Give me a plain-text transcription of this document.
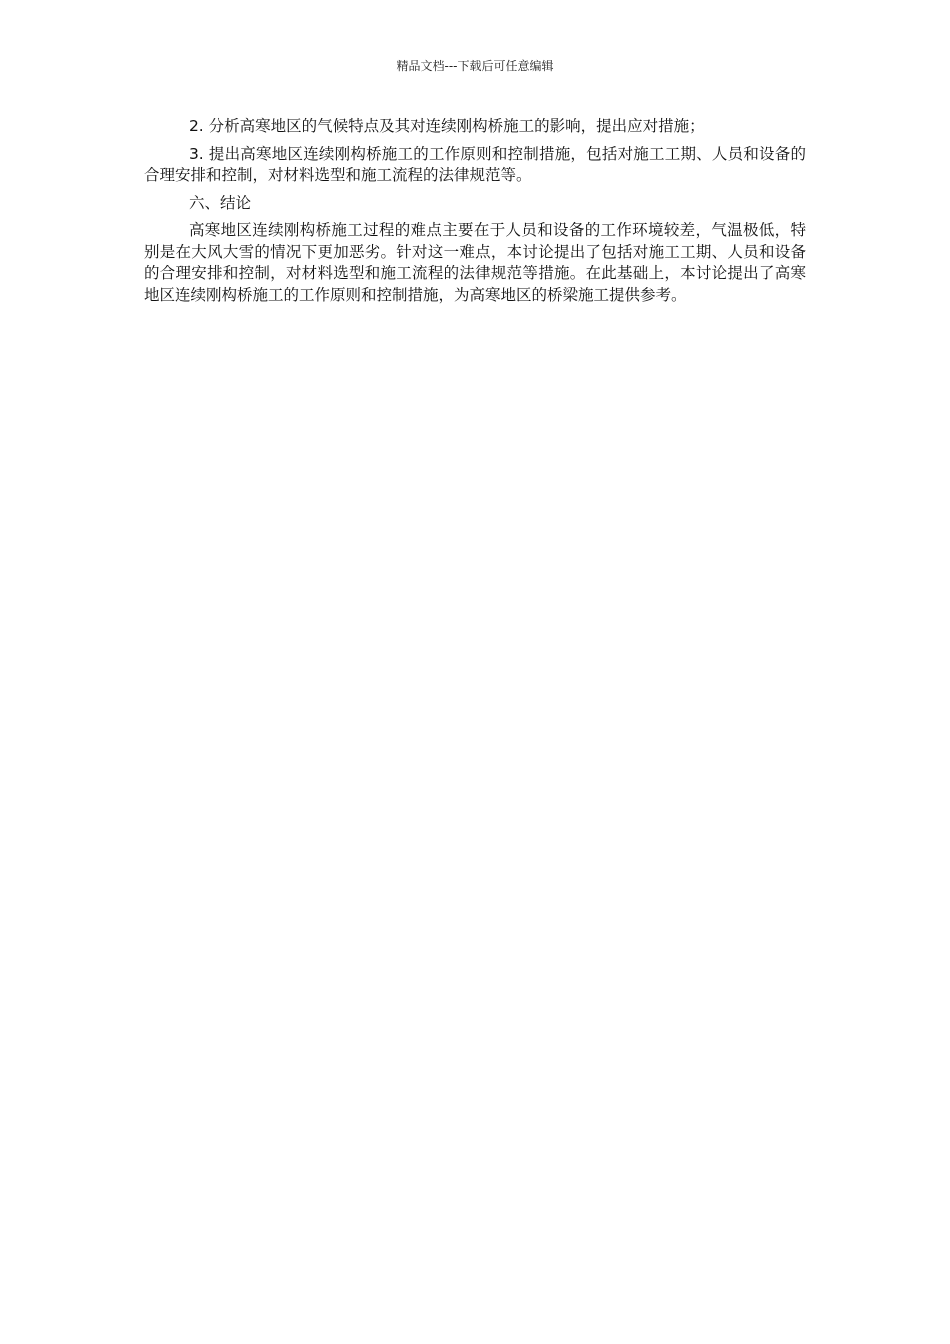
精品文档---下载后可任意编辑

2. 分析高寒地区的气候特点及其对连续刚构桥施工的影响，提出应对措施；

3. 提出高寒地区连续刚构桥施工的工作原则和控制措施，包括对施工工期、人员和设备的合理安排和控制，对材料选型和施工流程的法律规范等。

六、结论

高寒地区连续刚构桥施工过程的难点主要在于人员和设备的工作环境较差，气温极低，特别是在大风大雪的情况下更加恶劣。针对这一难点，本讨论提出了包括对施工工期、人员和设备的合理安排和控制，对材料选型和施工流程的法律规范等措施。在此基础上，本讨论提出了高寒地区连续刚构桥施工的工作原则和控制措施，为高寒地区的桥梁施工提供参考。
